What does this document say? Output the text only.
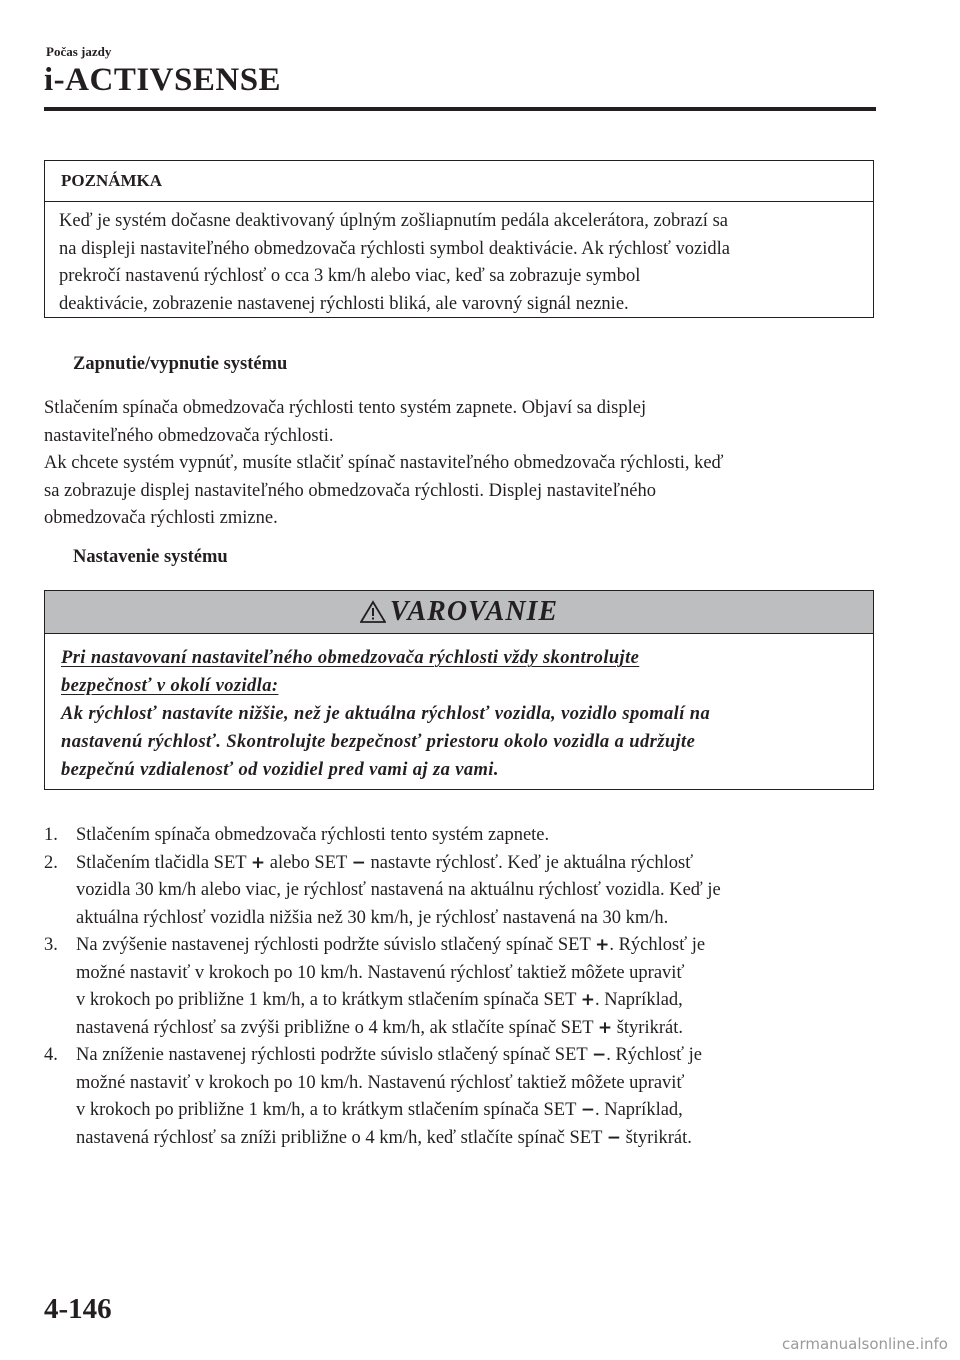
Počas jazdy
i-ACTIVSENSE
POZNÁMKA
Keď je systém dočasne deaktivovaný úplným zošliapnutím pedála akcelerátora, zobrazí sa
na displeji nastaviteľného obmedzovača rýchlosti symbol deaktivácie. Ak rýchlosť vozidla
prekročí nastavenú rýchlosť o cca 3 km/h alebo viac, keď sa zobrazuje symbol
deaktivácie, zobrazenie nastavenej rýchlosti bliká, ale varovný signál neznie.
Zapnutie/vypnutie systému
Stlačením spínača obmedzovača rýchlosti tento systém zapnete. Objaví sa displej
nastaviteľného obmedzovača rýchlosti.
Ak chcete systém vypnúť, musíte stlačiť spínač nastaviteľného obmedzovača rýchlosti, keď
sa zobrazuje displej nastaviteľného obmedzovača rýchlosti. Displej nastaviteľného
obmedzovača rýchlosti zmizne.
Nastavenie systému
VAROVANIE
Pri nastavovaní nastaviteľného obmedzovača rýchlosti vždy skontrolujte
bezpečnosť v okolí vozidla:
Ak rýchlosť nastavíte nižšie, než je aktuálna rýchlosť vozidla, vozidlo spomalí na
nastavenú rýchlosť. Skontrolujte bezpečnosť priestoru okolo vozidla a udržujte
bezpečnú vzdialenosť od vozidiel pred vami aj za vami.
1. Stlačením spínača obmedzovača rýchlosti tento systém zapnete.
2. Stlačením tlačidla SET + alebo SET − nastavte rýchlosť. Keď je aktuálna rýchlosť
vozidla 30 km/h alebo viac, je rýchlosť nastavená na aktuálnu rýchlosť vozidla. Keď je
aktuálna rýchlosť vozidla nižšia než 30 km/h, je rýchlosť nastavená na 30 km/h.
3. Na zvýšenie nastavenej rýchlosti podržte súvislo stlačený spínač SET +. Rýchlosť je
možné nastaviť v krokoch po 10 km/h. Nastavenú rýchlosť taktiež môžete upraviť
v krokoch po približne 1 km/h, a to krátkym stlačením spínača SET +. Napríklad,
nastavená rýchlosť sa zvýši približne o 4 km/h, ak stlačíte spínač SET + štyrikrát.
4. Na zníženie nastavenej rýchlosti podržte súvislo stlačený spínač SET −. Rýchlosť je
možné nastaviť v krokoch po 10 km/h. Nastavenú rýchlosť taktiež môžete upraviť
v krokoch po približne 1 km/h, a to krátkym stlačením spínača SET −. Napríklad,
nastavená rýchlosť sa zníži približne o 4 km/h, keď stlačíte spínač SET − štyrikrát.
4-146
carmanualsonline.info
